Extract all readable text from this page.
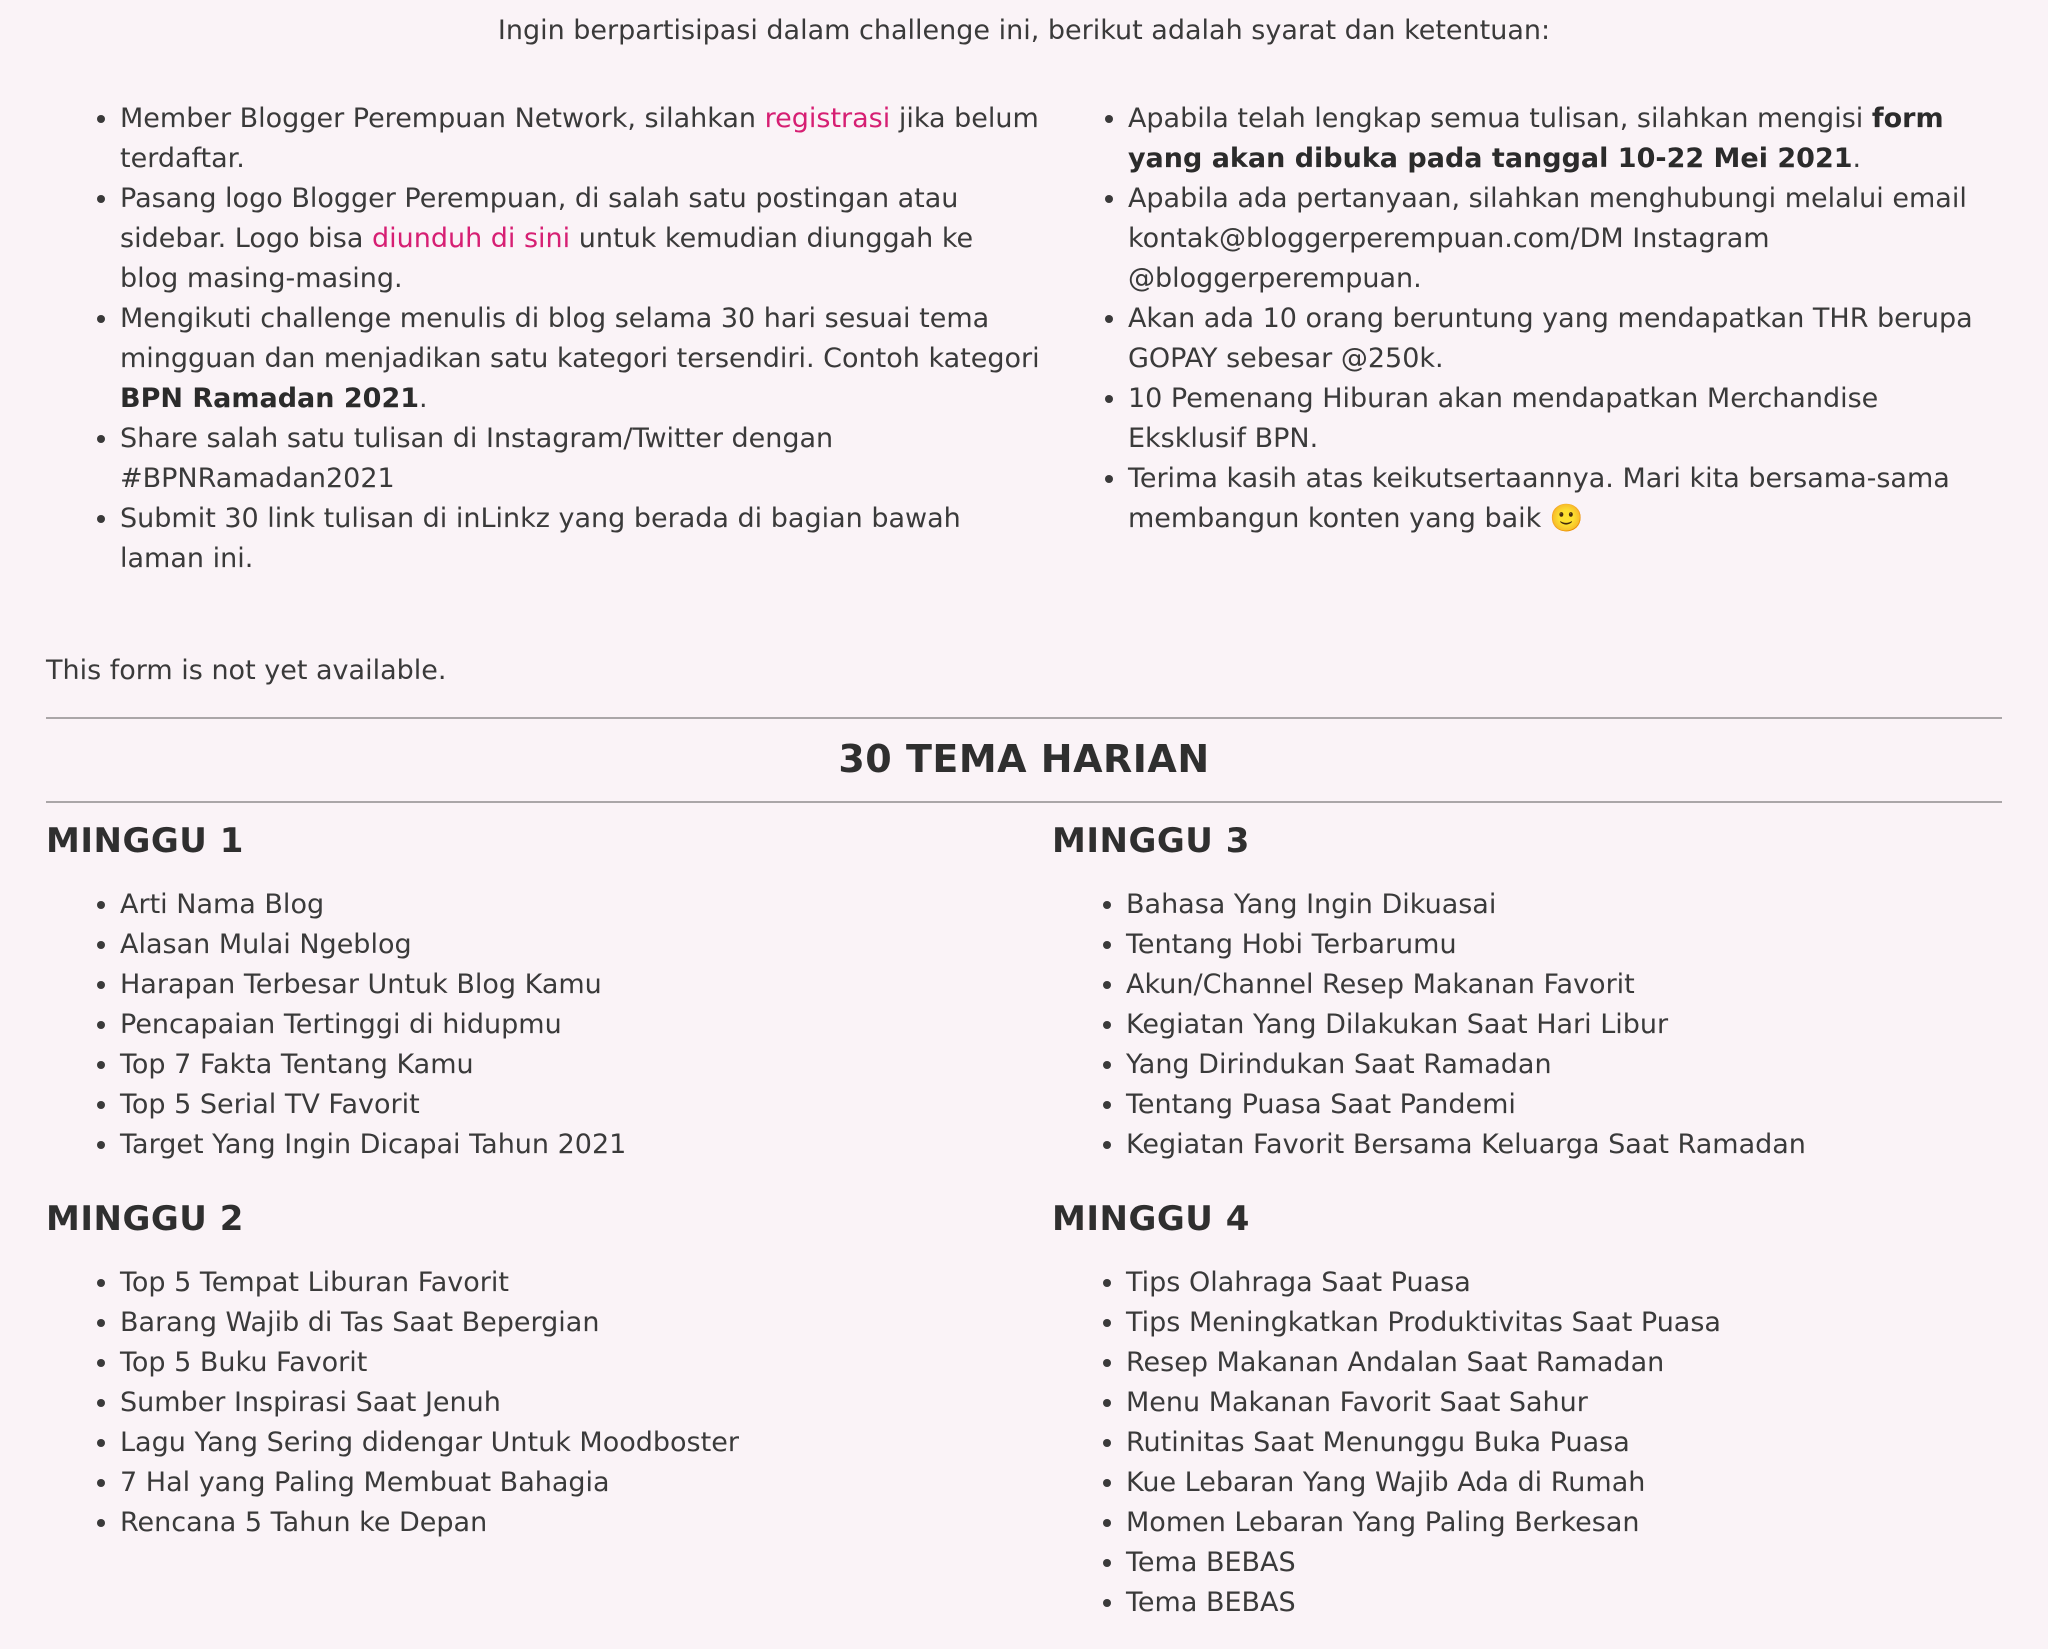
Ingin berpartisipasi dalam challenge ini, berikut adalah syarat dan ketentuan:

• Member Blogger Perempuan Network, silahkan registrasi jika belum terdaftar.
• Pasang logo Blogger Perempuan, di salah satu postingan atau sidebar. Logo bisa diunduh di sini untuk kemudian diunggah ke blog masing-masing.
• Mengikuti challenge menulis di blog selama 30 hari sesuai tema mingguan dan menjadikan satu kategori tersendiri. Contoh kategori BPN Ramadan 2021.
• Share salah satu tulisan di Instagram/Twitter dengan #BPNRamadan2021
• Submit 30 link tulisan di inLinkz yang berada di bagian bawah laman ini.
• Apabila telah lengkap semua tulisan, silahkan mengisi form yang akan dibuka pada tanggal 10-22 Mei 2021.
• Apabila ada pertanyaan, silahkan menghubungi melalui email kontak@bloggerperempuan.com/DM Instagram @bloggerperempuan.
• Akan ada 10 orang beruntung yang mendapatkan THR berupa GOPAY sebesar @250k.
• 10 Pemenang Hiburan akan mendapatkan Merchandise Eksklusif BPN.
• Terima kasih atas keikutsertaannya. Mari kita bersama-sama membangun konten yang baik 🙂

This form is not yet available.

30 TEMA HARIAN
MINGGU 1
• Arti Nama Blog
• Alasan Mulai Ngeblog
• Harapan Terbesar Untuk Blog Kamu
• Pencapaian Tertinggi di hidupmu
• Top 7 Fakta Tentang Kamu
• Top 5 Serial TV Favorit
• Target Yang Ingin Dicapai Tahun 2021
MINGGU 2
• Top 5 Tempat Liburan Favorit
• Barang Wajib di Tas Saat Bepergian
• Top 5 Buku Favorit
• Sumber Inspirasi Saat Jenuh
• Lagu Yang Sering didengar Untuk Moodboster
• 7 Hal yang Paling Membuat Bahagia
• Rencana 5 Tahun ke Depan
MINGGU 3
• Bahasa Yang Ingin Dikuasai
• Tentang Hobi Terbarumu
• Akun/Channel Resep Makanan Favorit
• Kegiatan Yang Dilakukan Saat Hari Libur
• Yang Dirindukan Saat Ramadan
• Tentang Puasa Saat Pandemi
• Kegiatan Favorit Bersama Keluarga Saat Ramadan
MINGGU 4
• Tips Olahraga Saat Puasa
• Tips Meningkatkan Produktivitas Saat Puasa
• Resep Makanan Andalan Saat Ramadan
• Menu Makanan Favorit Saat Sahur
• Rutinitas Saat Menunggu Buka Puasa
• Kue Lebaran Yang Wajib Ada di Rumah
• Momen Lebaran Yang Paling Berkesan
• Tema BEBAS
• Tema BEBAS
